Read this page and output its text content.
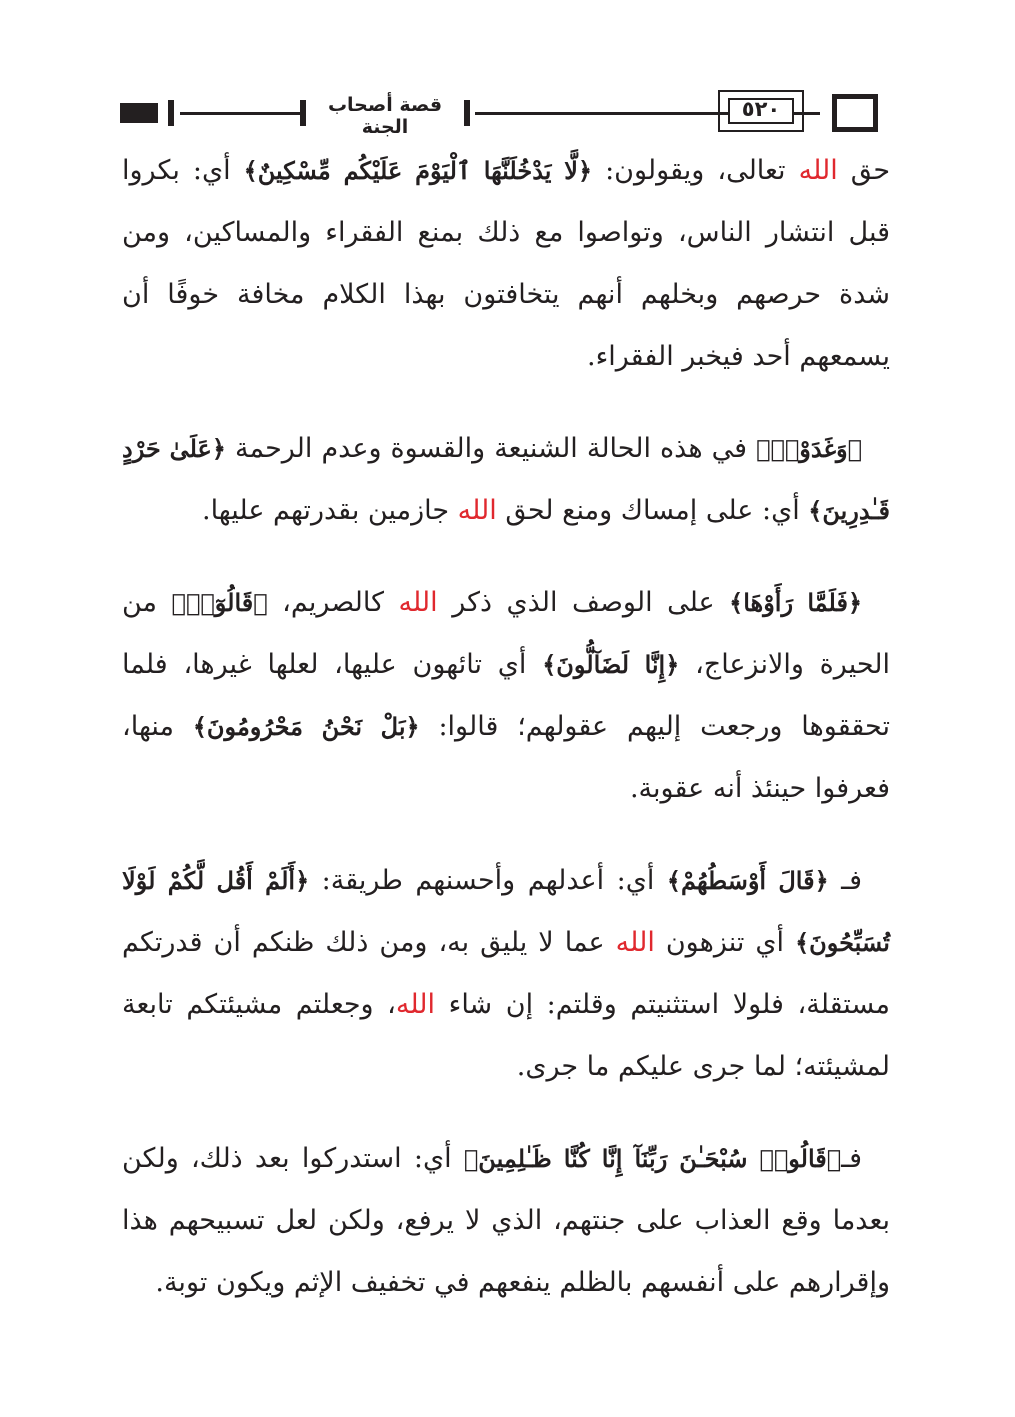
قصة أصحاب الجنة
٥٢٠

حق الله تعالى، ويقولون: ﴿لَّا يَدْخُلَنَّهَا ٱلْيَوْمَ عَلَيْكُم مِّسْكِينٌ﴾ أي: بكروا قبل انتشار الناس، وتواصوا مع ذلك بمنع الفقراء والمساكين، ومن شدة حرصهم وبخلهم أنهم يتخافتون بهذا الكلام مخافة خوفًا أن يسمعهم أحد فيخبر الفقراء.

﴿وَغَدَوْا۟﴾ في هذه الحالة الشنيعة والقسوة وعدم الرحمة ﴿عَلَىٰ حَرْدٍ قَـٰدِرِينَ﴾ أي: على إمساك ومنع لحق الله جازمين بقدرتهم عليها.

﴿فَلَمَّا رَأَوْهَا﴾ على الوصف الذي ذكر الله كالصريم، ﴿قَالُوٓا۟﴾ من الحيرة والانزعاج، ﴿إِنَّا لَضَآلُّونَ﴾ أي تائهون عليها، لعلها غيرها، فلما تحققوها ورجعت إليهم عقولهم؛ قالوا: ﴿بَلْ نَحْنُ مَحْرُومُونَ﴾ منها، فعرفوا حينئذ أنه عقوبة.

فـ ﴿قَالَ أَوْسَطُهُمْ﴾ أي: أعدلهم وأحسنهم طريقة: ﴿أَلَمْ أَقُل لَّكُمْ لَوْلَا تُسَبِّحُونَ﴾ أي تنزهون الله عما لا يليق به، ومن ذلك ظنكم أن قدرتكم مستقلة، فلولا استثنيتم وقلتم: إن شاء الله، وجعلتم مشيئتكم تابعة لمشيئته؛ لما جرى عليكم ما جرى.

فـ﴿قَالُوا۟ سُبْحَـٰنَ رَبِّنَآ إِنَّا كُنَّا ظَـٰلِمِينَ﴾ أي: استدركوا بعد ذلك، ولكن بعدما وقع العذاب على جنتهم، الذي لا يرفع، ولكن لعل تسبيحهم هذا وإقرارهم على أنفسهم بالظلم ينفعهم في تخفيف الإثم ويكون توبة.
